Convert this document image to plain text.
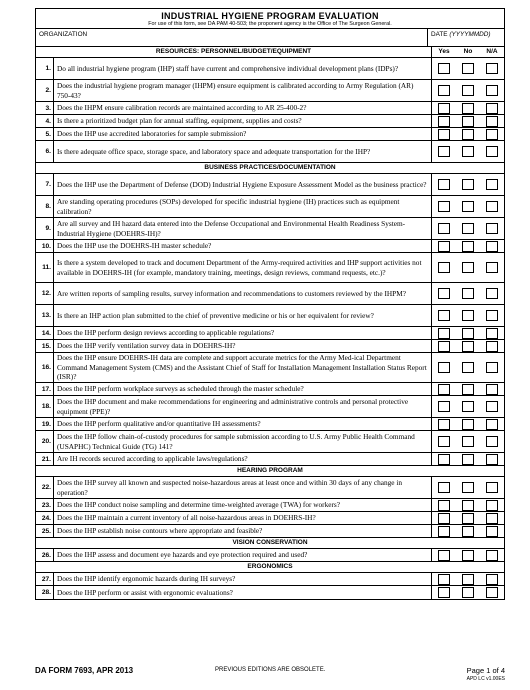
INDUSTRIAL HYGIENE PROGRAM EVALUATION
For use of this form, see DA PAM 40-503; the proponent agency is the Office of The Surgeon General.
ORGANIZATION	DATE (YYYYMMDD)
RESOURCES: PERSONNEL/BUDGET/EQUIPMENT	Yes	No	N/A
1. Do all industrial hygiene program (IHP) staff have current and comprehensive individual development plans (IDPs)?
2.
Does the industrial hygiene program manager (IHPM) ensure equipment is calibrated according to Army Regulation (AR) 750-43?
3. Does the IHPM ensure calibration records are maintained according to AR 25-400-2?
4. Is there a prioritized budget plan for annual staffing, equipment, supplies and costs?
5. Does the IHP use accredited laboratories for sample submission?
6. Is there adequate office space, storage space, and laboratory space and adequate transportation for the IHP?
BUSINESS PRACTICES/DOCUMENTATION
7. Does the IHP use the Department of Defense (DOD) Industrial Hygiene Exposure Assessment Model as the business practice?
8.
Are standing operating procedures (SOPs) developed for specific industrial hygiene (IH) practices such as equipment calibration?
9.
Are all survey and IH hazard data entered into the Defense Occupational and Environmental Health Readiness System-Industrial Hygiene (DOEHRS-IH)?
10. Does the IHP use the DOEHRS-IH master schedule?
11.
Is there a system developed to track and document Department of the Army-required activities and IHP support activities not available in DOEHRS-IH (for example, mandatory training, meetings, design reviews, command requests, etc.)?
12. Are written reports of sampling results, survey information and recommendations to customers reviewed by the IHPM?
13. Is there an IHP action plan submitted to the chief of preventive medicine or his or her equivalent for review?
14. Does the IHP perform design reviews according to applicable regulations?
15. Does the IHP verify ventilation survey data in DOEHRS-IH?
16.
Does the IHP ensure DOEHRS-IH data are complete and support accurate metrics for the Army Med-ical Department Command Management System (CMS) and the Assistant Chief of Staff for Installation Management Installation Status Report (ISR)?
17. Does the IHP perform workplace surveys as scheduled through the master schedule?
18.
Does the IHP document and make recommendations for engineering and administrative controls and personal protective equipment (PPE)?
19. Does the IHP perform qualitative and/or quantitative IH assessments?
20.
Does the IHP follow chain-of-custody procedures for sample submission according to U.S. Army Public Health Command (USAPHC) Technical Guide (TG) 141?
21. Are IH records secured according to applicable laws/regulations?
HEARING PROGRAM
22.
Does the IHP survey all known and suspected noise-hazardous areas at least once and within 30 days of any change in operation?
23. Does the IHP conduct noise sampling and determine time-weighted average (TWA) for workers?
24. Does the IHP maintain a current inventory of all noise-hazardous areas in DOEHRS-IH?
25. Does the IHP establish noise contours where appropriate and feasible?
VISION CONSERVATION
26. Does the IHP assess and document eye hazards and eye protection required and used?
ERGONOMICS
27. Does the IHP identify ergonomic hazards during IH surveys?
28. Does the IHP perform or assist with ergonomic evaluations?
DA FORM 7693, APR 2013	PREVIOUS EDITIONS ARE OBSOLETE.	Page 1 of 4
APD LC v1.00ES
